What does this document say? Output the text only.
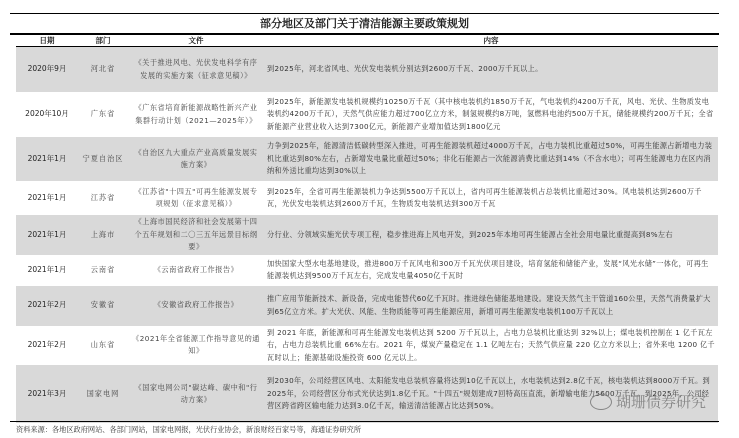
部分地区及部门关于清洁能源主要政策规划
日期	部门	文件	内容
2020年9月	河北省	《关于推进风电、光伏发电科学有序发展的实施方案（征求意见稿）》	到2025年，河北省风电、光伏发电装机分别达到2600万千瓦、2000万千瓦以上。
2020年10月	广东省	《广东省培育新能源战略性新兴产业集群行动计划（2021—2025年）》	到2025年，新能源发电装机规模约10250万千瓦（其中核电装机约1850万千瓦，气电装机约4200万千瓦，风电、光伏、生物质发电装机约4200万千瓦），天然气供应能力超过700亿立方米，制氢规模约8万吨，氢燃料电池约500万千瓦，储能规模约200万千瓦；全省新能源产业营业收入达到7300亿元，新能源产业增加值达到1800亿元
2021年1月	宁夏自治区	《自治区九大重点产业高质量发展实施方案》	力争到2025年，能源清洁低碳转型深入推进，可再生能源装机超过4000万千瓦，占电力装机比重超过50%，可再生能源占新增电力装机比重达到80%左右，占新增发电量比重超过50%；非化石能源占一次能源消费比重达到14%（不含水电）；可再生能源电力在区内消纳和外送比重均达到30%以上
2021年1月	江苏省	《江苏省"十四五"可再生能源发展专项规划（征求意见稿）》	到2025年，全省可再生能源装机力争达到5500万千瓦以上，省内可再生能源装机占总装机比重超过30%。风电装机达到2600万千瓦，光伏发电装机达到2600万千瓦，生物质发电装机达到300万千瓦
2021年1月	上海市	《上海市国民经济和社会发展第十四个五年规划和二〇三五年远景目标纲要》	分行业、分领域实施光伏专项工程，稳步推进海上风电开发，到2025年本地可再生能源占全社会用电量比重提高到8%左右
2021年1月	云南省	《云南省政府工作报告》	加快国家大型水电基地建设，推进800万千瓦风电和300万千瓦光伏项目建设，培育氢能和储能产业，发展“风光水储”一体化，可再生能源装机达到9500万千瓦左右，完成发电量4050亿千瓦时
2021年2月	安徽省	《安徽省政府工作报告》	推广应用节能新技术、新设备，完成电能替代60亿千瓦时。推进绿色储能基地建设。建设天然气主干管道160公里，天然气消费量扩大到65亿立方米。扩大光伏、风能、生物质能等可再生能源应用，新增可再生能源发电装机100万千瓦以上
2021年2月	山东省	《2021年全省能源工作指导意见的通知》	到 2021 年底，新能源和可再生能源发电装机达到 5200 万千瓦以上，占电力总装机比重达到 32%以上；煤电装机控制在 1 亿千瓦左右，占电力总装机比重 66%左右。2021 年，煤炭产量稳定在 1.1 亿吨左右；天然气供应量 220 亿立方米以上；省外来电 1200 亿千瓦时以上；能源基础设施投资 600 亿元以上。
2021年3月	国家电网	《国家电网公司"碳达峰、碳中和"行动方案》	到2030年，公司经营区风电、太阳能发电总装机容量将达到10亿千瓦以上，水电装机达到2.8亿千瓦，核电装机达到8000万千瓦。到2025年，公司经营区分布式光伏达到1.8亿千瓦。"十四五"规划建成7回特高压直流，新增输电能力5600万千瓦。到2025年，公司经营区跨省跨区输电能力达到3.0亿千瓦，输送清洁能源占比达到50%。
资料来源：各地区政府网站、各部门网站，国家电网报，光伏行业协会，新浪财经百家号等，海通证券研究所
瑚珊债券研究
